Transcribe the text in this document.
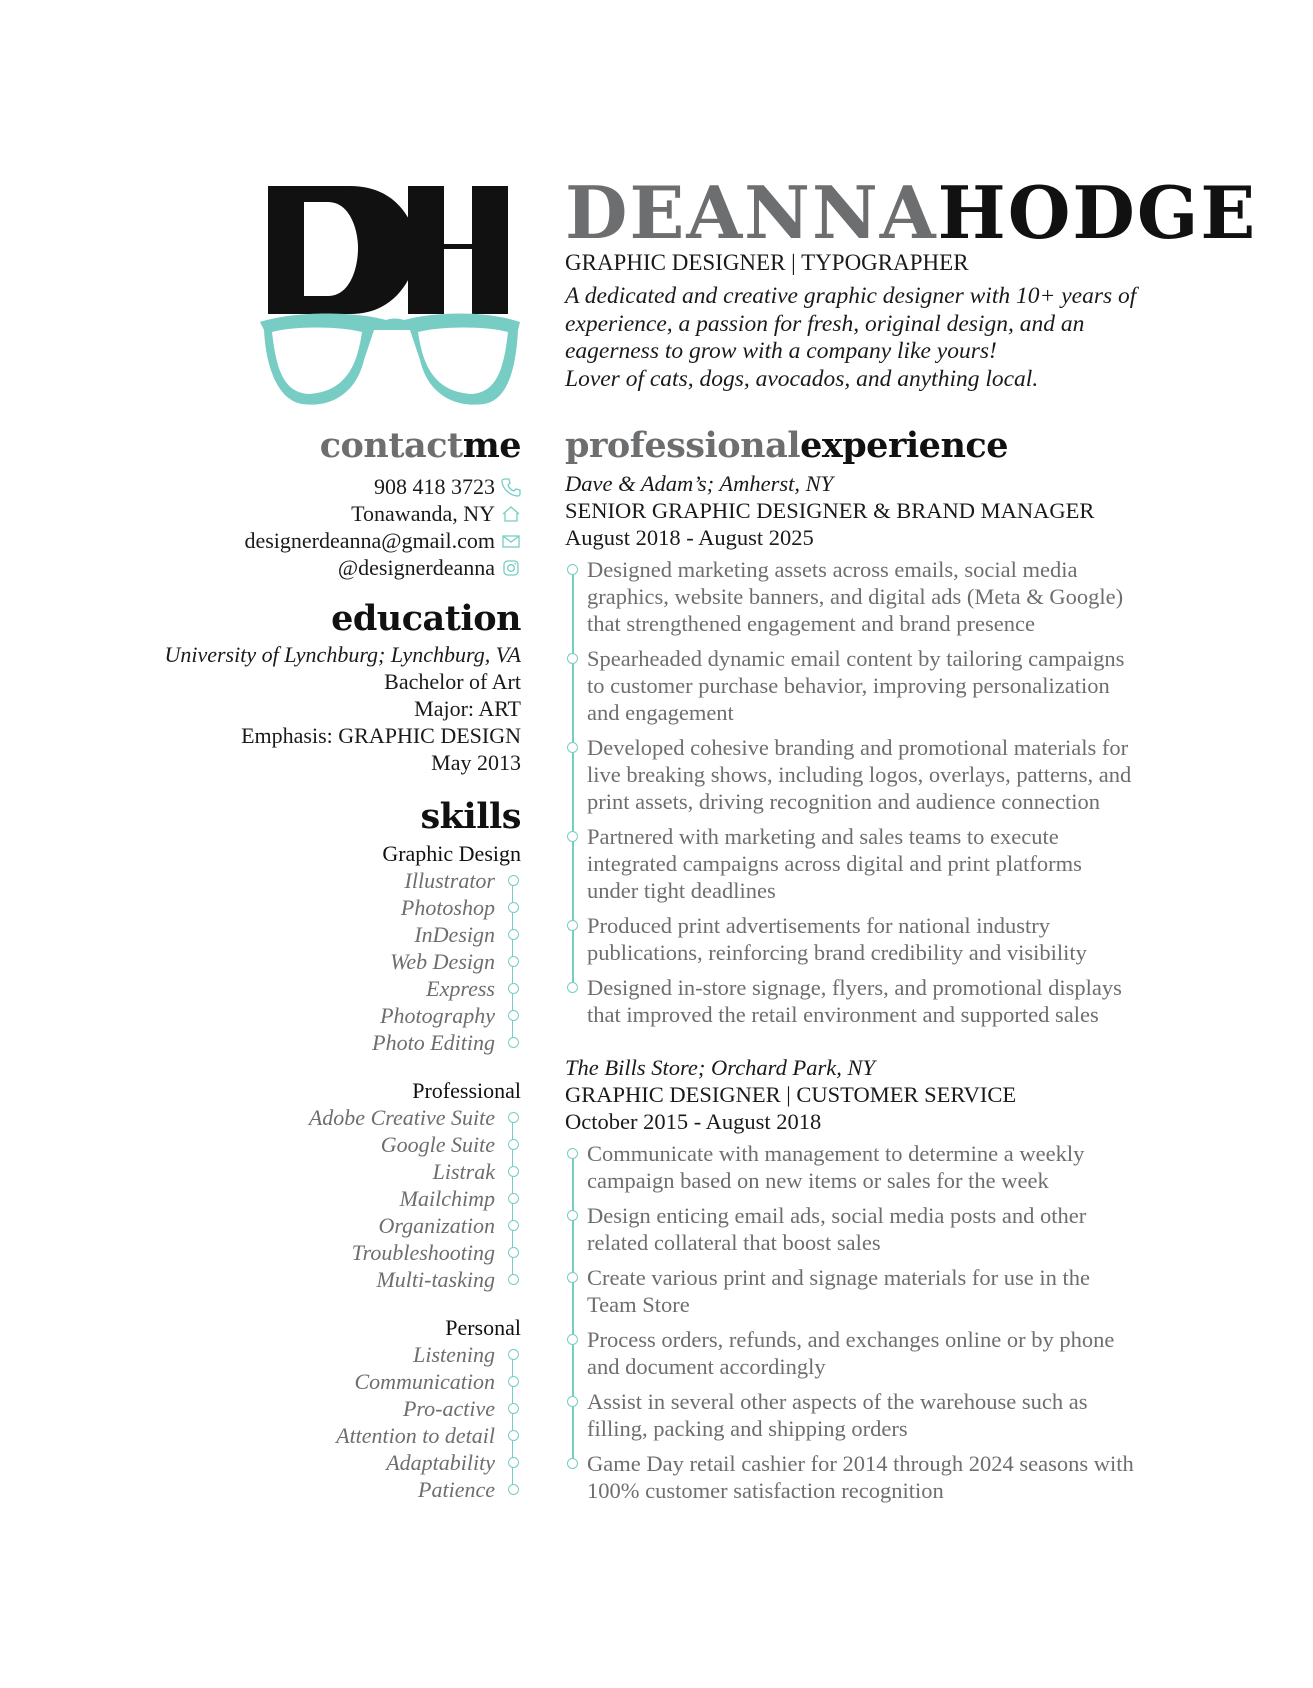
DEANNAHODGE
GRAPHIC DESIGNER | TYPOGRAPHER
A dedicated and creative graphic designer with 10+ years of
experience, a passion for fresh, original design, and an
eagerness to grow with a company like yours!
Lover of cats, dogs, avocados, and anything local.
contactme
908 418 3723
Tonawanda, NY
designerdeanna@gmail.com
@designerdeanna
education
University of Lynchburg; Lynchburg, VA
Bachelor of Art
Major: ART
Emphasis: GRAPHIC DESIGN
May 2013
skills
Graphic Design
Illustrator
Photoshop
InDesign
Web Design
Express
Photography
Photo Editing
Professional
Adobe Creative Suite
Google Suite
Listrak
Mailchimp
Organization
Troubleshooting
Multi-tasking
Personal
Listening
Communication
Pro-active
Attention to detail
Adaptability
Patience
professionalexperience
Dave & Adam’s; Amherst, NY
SENIOR GRAPHIC DESIGNER & BRAND MANAGER
August 2018 - August 2025
Designed marketing assets across emails, social media
graphics, website banners, and digital ads (Meta & Google)
that strengthened engagement and brand presence
Spearheaded dynamic email content by tailoring campaigns
to customer purchase behavior, improving personalization
and engagement
Developed cohesive branding and promotional materials for
live breaking shows, including logos, overlays, patterns, and
print assets, driving recognition and audience connection
Partnered with marketing and sales teams to execute
integrated campaigns across digital and print platforms
under tight deadlines
Produced print advertisements for national industry
publications, reinforcing brand credibility and visibility
Designed in-store signage, flyers, and promotional displays
that improved the retail environment and supported sales
The Bills Store; Orchard Park, NY
GRAPHIC DESIGNER | CUSTOMER SERVICE
October 2015 - August 2018
Communicate with management to determine a weekly
campaign based on new items or sales for the week
Design enticing email ads, social media posts and other
related collateral that boost sales
Create various print and signage materials for use in the
Team Store
Process orders, refunds, and exchanges online or by phone
and document accordingly
Assist in several other aspects of the warehouse such as
filling, packing and shipping orders
Game Day retail cashier for 2014 through 2024 seasons with
100% customer satisfaction recognition
